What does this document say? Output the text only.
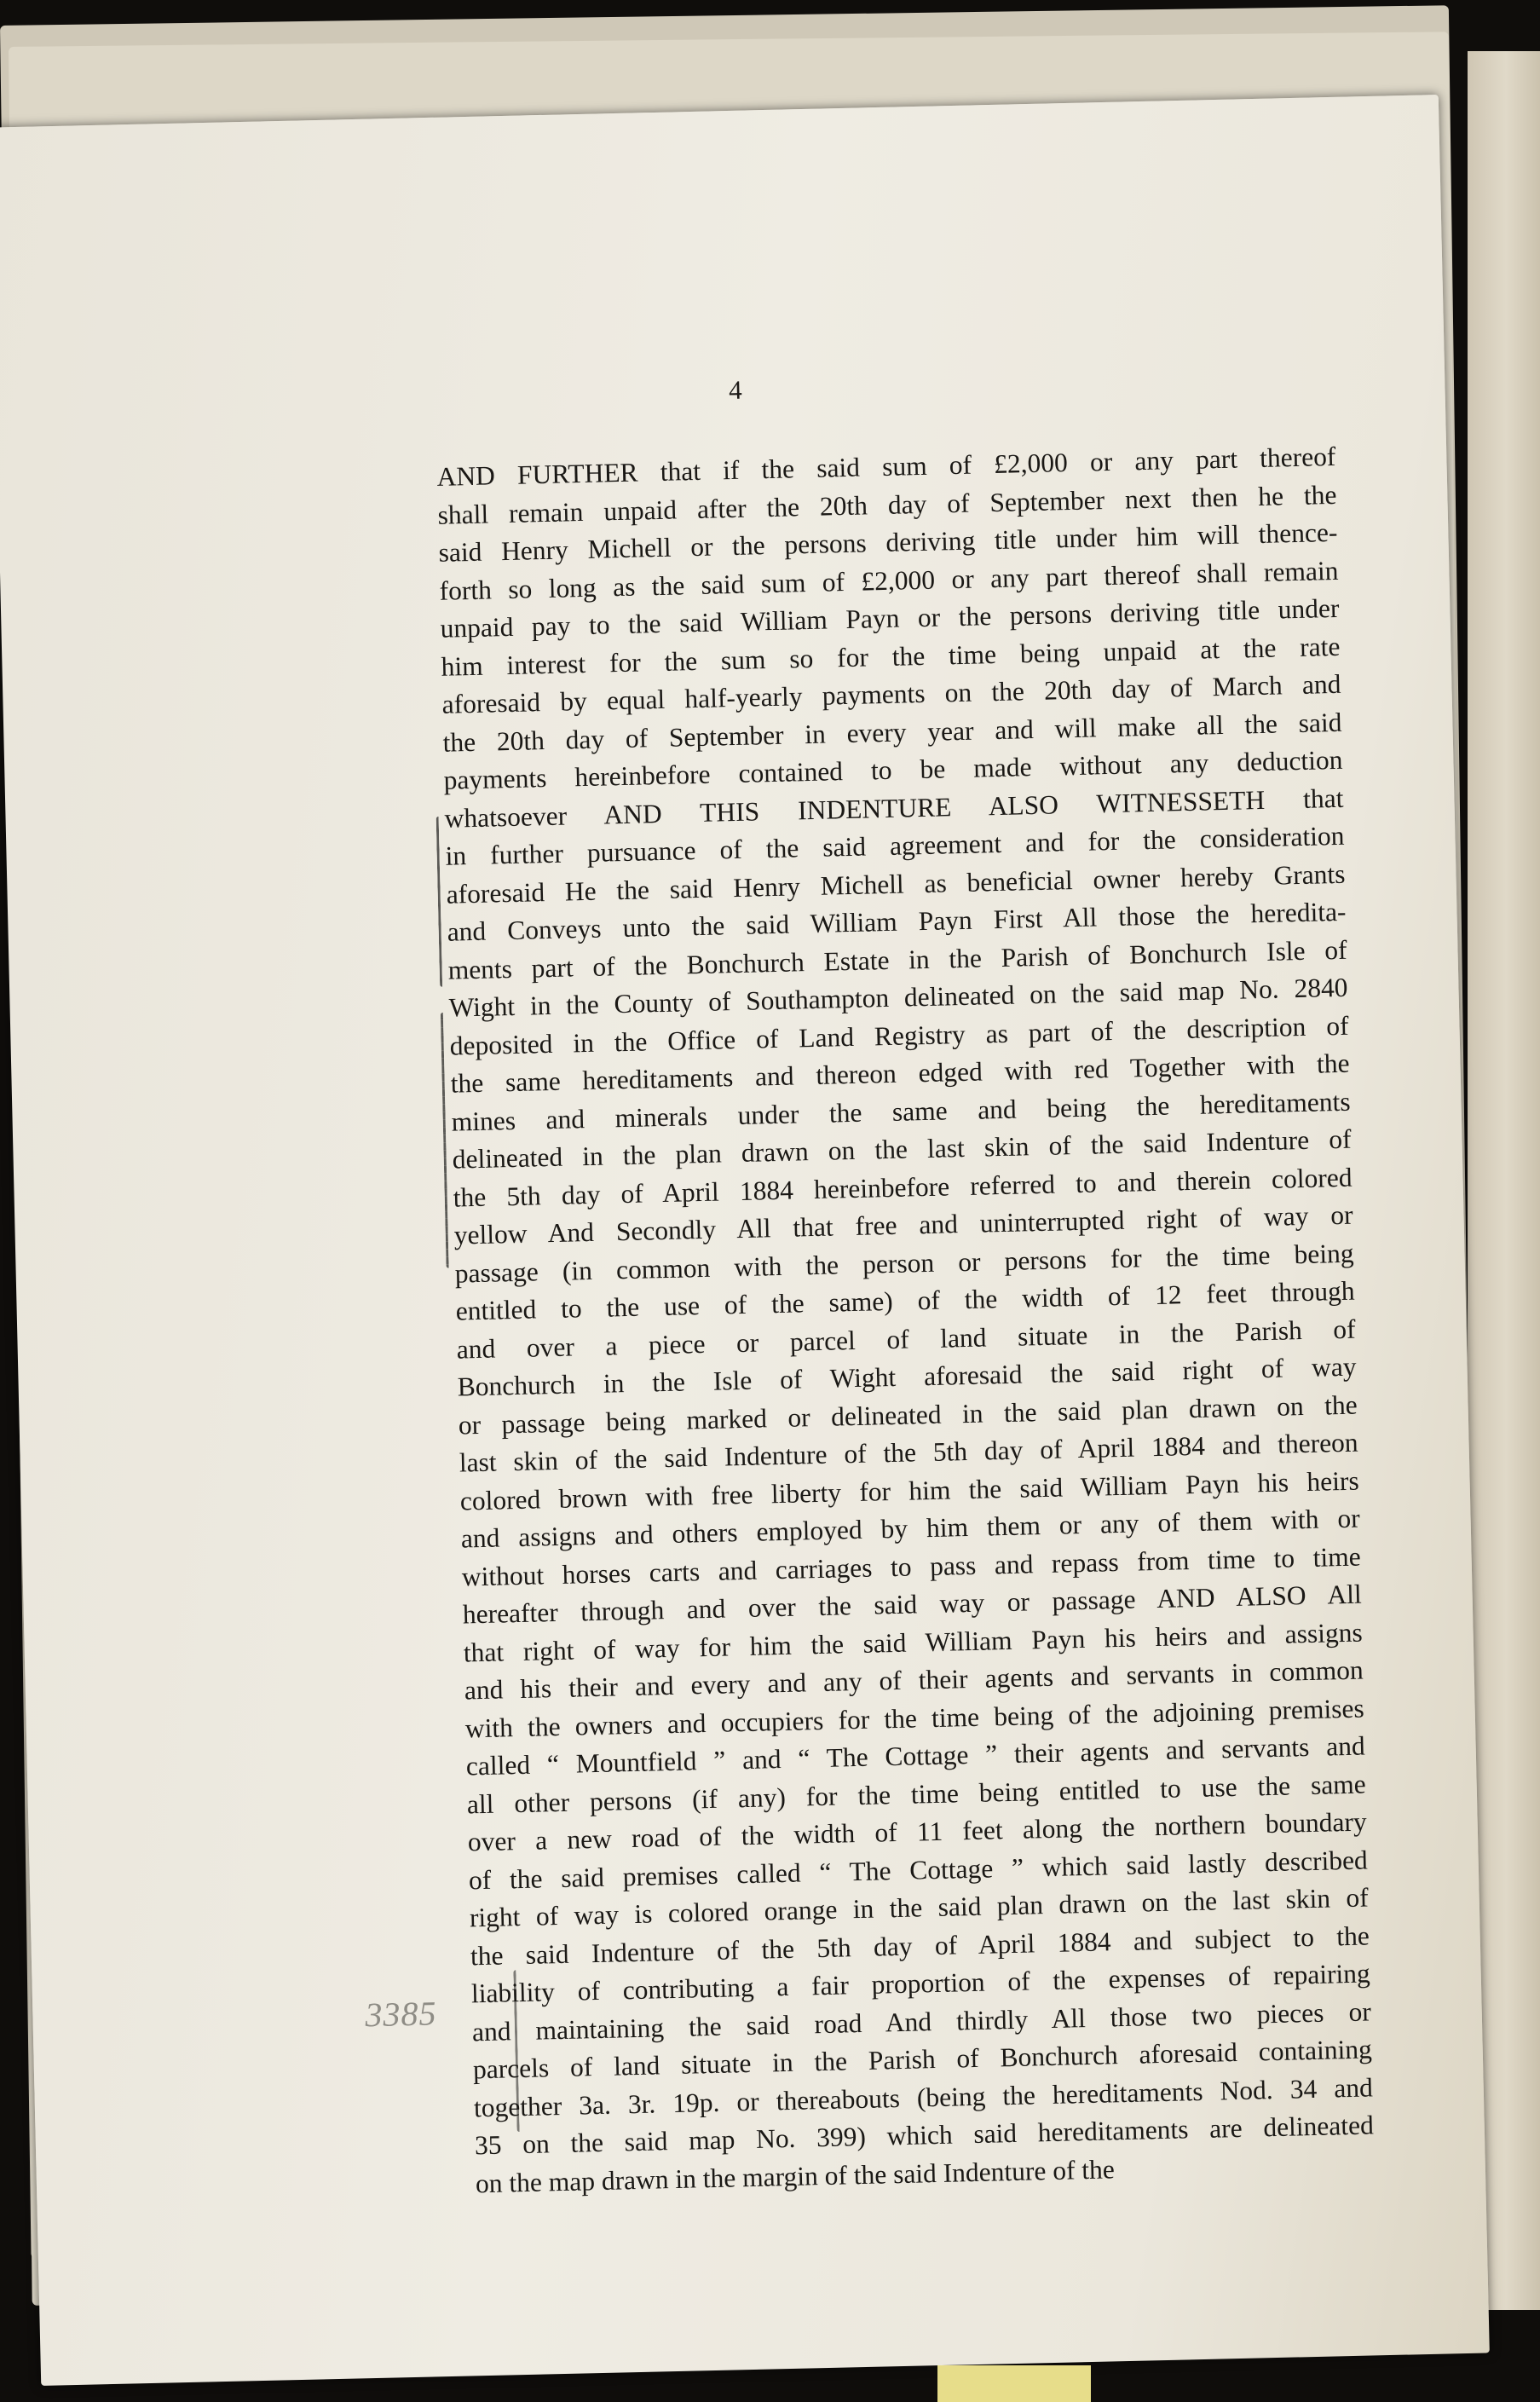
4
3385
AND FURTHER that if the said sum of £2,000 or any part thereof
shall remain unpaid after the 20th day of September next then he the
said Henry Michell or the persons deriving title under him will thence-
forth so long as the said sum of £2,000 or any part thereof shall remain
unpaid pay to the said William Payn or the persons deriving title under
him interest for the sum so for the time being unpaid at the rate
aforesaid by equal half-yearly payments on the 20th day of March and
the 20th day of September in every year and will make all the said
payments hereinbefore contained to be made without any deduction
whatsoever AND THIS INDENTURE ALSO WITNESSETH that
in further pursuance of the said agreement and for the consideration
aforesaid He the said Henry Michell as beneficial owner hereby Grants
and Conveys unto the said William Payn First All those the heredita-
ments part of the Bonchurch Estate in the Parish of Bonchurch Isle of
Wight in the County of Southampton delineated on the said map No. 2840
deposited in the Office of Land Registry as part of the description of
the same hereditaments and thereon edged with red Together with the
mines and minerals under the same and being the hereditaments
delineated in the plan drawn on the last skin of the said Indenture of
the 5th day of April 1884 hereinbefore referred to and therein colored
yellow And Secondly All that free and uninterrupted right of way or
passage (in common with the person or persons for the time being
entitled to the use of the same) of the width of 12 feet through
and over a piece or parcel of land situate in the Parish of
Bonchurch in the Isle of Wight aforesaid the said right of way
or passage being marked or delineated in the said plan drawn on the
last skin of the said Indenture of the 5th day of April 1884 and thereon
colored brown with free liberty for him the said William Payn his heirs
and assigns and others employed by him them or any of them with or
without horses carts and carriages to pass and repass from time to time
hereafter through and over the said way or passage AND ALSO All
that right of way for him the said William Payn his heirs and assigns
and his their and every and any of their agents and servants in common
with the owners and occupiers for the time being of the adjoining premises
called “ Mountfield ” and “ The Cottage ” their agents and servants and
all other persons (if any) for the time being entitled to use the same
over a new road of the width of 11 feet along the northern boundary
of the said premises called “ The Cottage ” which said lastly described
right of way is colored orange in the said plan drawn on the last skin of
the said Indenture of the 5th day of April 1884 and subject to the
liability of contributing a fair proportion of the expenses of repairing
and maintaining the said road And thirdly All those two pieces or
parcels of land situate in the Parish of Bonchurch aforesaid containing
together 3a. 3r. 19p. or thereabouts (being the hereditaments Nod. 34 and
35 on the said map No. 399) which said hereditaments are delineated
on the map drawn in the margin of the said Indenture of the
